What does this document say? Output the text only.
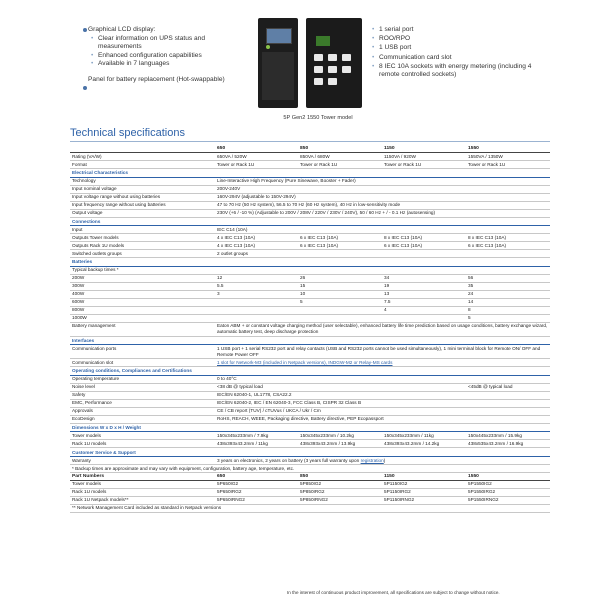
Graphical LCD display:
• Clear information on UPS status and measurements
• Enhanced configuration capabilities
• Available in 7 languages
Panel for battery replacement (Hot-swappable)
• 1 serial port
• ROO/RPO
• 1 USB port
• Communication card slot
• 8 IEC 10A sockets with energy metering (including 4 remote controlled sockets)
5P Gen2 1550 Tower model
Technical specifications
	650	850	1150	1550
Rating (VA/W)	650VA / 520W	850VA / 680W	1150VA / 920W	1550VA / 1350W
Format	Tower or Rack 1U	Tower or Rack 1U	Tower or Rack 1U	Tower or Rack 1U
Electrical Characteristics				
Technology	Line-Interactive High Frequency (Pure Sinewave, Booster + Fader)			
Input nominal voltage	200V-240V			
Input voltage range without using batteries	160V-294V (adjustable to 150V-294V)			
Input frequency range without using batteries	47 to 70 Hz (50 Hz system), 56.5 to 70 Hz (60 Hz system), 40 Hz in low-sensitivity mode			
Output voltage	230V (+6 / -10 %) (Adjustable to 200V / 208V / 220V / 230V / 240V), 50 / 60 Hz + / - 0.1 Hz (autosensing)			
Connections				
Input	IEC C14 (10A)			
Outputs Tower models	4 x IEC C13 (10A)	6 x IEC C13 (10A)	8 x IEC C13 (10A)	8 x IEC C13 (10A)
Outputs Rack 1U models	4 x IEC C13 (10A)	6 x IEC C13 (10A)	6 x IEC C13 (10A)	6 x IEC C13 (10A)
Switched outlets groups	2 outlet groups			
Batteries				
Typical backup times *				
200W	12	26	34	56
300W	5.5	15	19	35
400W	3	10	13	24
600W		5	7.5	14
800W			4	8
1000W				5
Battery management	Eaton ABM + or constant voltage charging method (user selectable), enhanced battery life time prediction based on usage conditions, battery exchange wizard, automatic battery test, deep discharge protection			
Interfaces				
Communication ports	1 USB port + 1 serial RS232 port and relay contacts (USB and RS232 ports cannot be used simultaneously), 1 mini terminal block for Remote ON/ OFF and Remote Power OFF			
Communication slot	1 slot for Network-M3 (included in Netpack versions), INDGW-M2 or Relay-MS cards			
Operating conditions, Compliances and Certifications				
Operating temperature	0 to 40°C			
Noise level	<38 dB @ typical load			<45dB @ typical load
Safety	IEC/EN 62040-1, UL1778, CSA22.2			
EMC, Performance	IEC/EN 62040-2, IEC / EN 62040-3, FCC Class B, CISPR 32 Class B			
Approvals	CE / CB report (TUV) / cTUVus / UKCA / Ukr / Cm			
EcoDesign	RoHS, REACH, WEEE, Packaging directive, Battery directive, PEP Ecopassport			
Dimensions W x D x H / Weight				
Tower models	150x345x233mm / 7.9kg	150x345x233mm / 10.2kg	150x345x233mm / 11kg	150x445x233mm / 15.9kg
Rack 1U models	438x393x43.2mm / 11kg	438x393x43.2mm / 13.9kg	438x393x43.2mm / 14.2kg	438x535x43.2mm / 16.9kg
Customer Service & Support				
Warranty	3 years on electronics, 2 years on battery (3 years full warranty upon registration)			
* Backup times are approximate and may vary with equipment, configuration, battery age, temperature, etc.				
Part Numbers	650	850	1150	1550
Tower models	5P650IG2	5P850IG2	5P1150IG2	5P1550IG2
Rack 1U models	5P650IRG2	5P850IRG2	5P1150IRG2	5P1550IRG2
Rack 1U Netpack models**	5P650IRNG2	5P850IRNG2	5P1150IRNG2	5P1550IRNG2
** Network Management Card included as standard in Netpack versions				
In the interest of continuous product improvement, all specifications are subject to change without notice.
